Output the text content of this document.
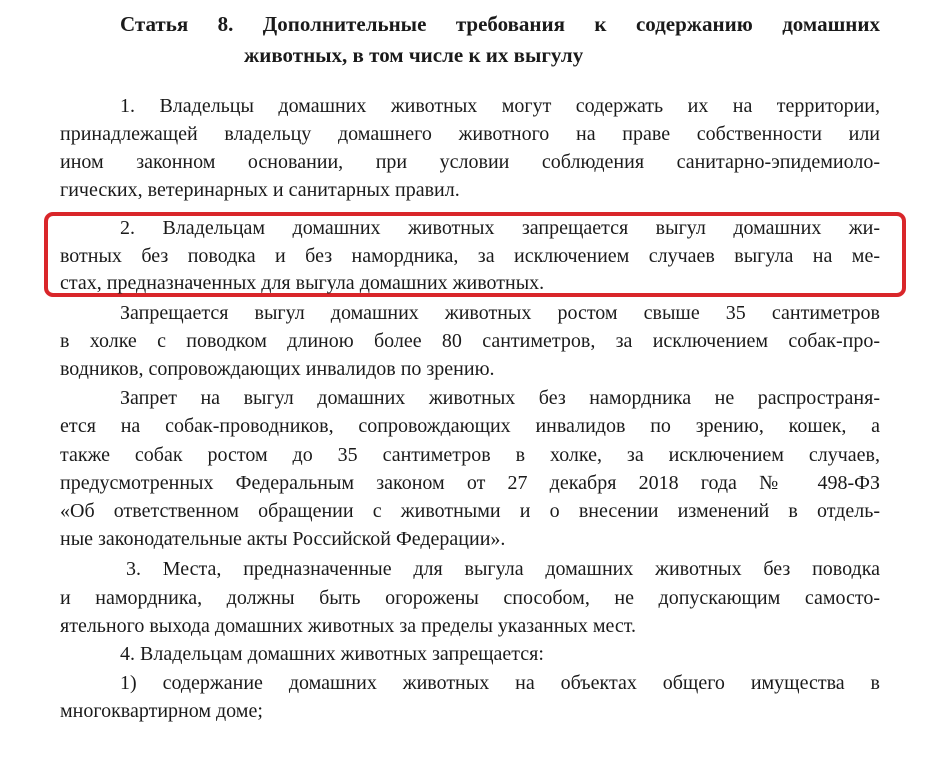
Статья 8. Дополнительные требования к содержанию домашних
животных, в том числе к их выгулу
1. Владельцы домашних животных могут содержать их на территории,
принадлежащей владельцу домашнего животного на праве собственности или
ином законном основании, при условии соблюдения санитарно-эпидемиоло-
гических, ветеринарных и санитарных правил.
2. Владельцам домашних животных запрещается выгул домашних жи-
вотных без поводка и без намордника, за исключением случаев выгула на ме-
стах, предназначенных для выгула домашних животных.
Запрещается выгул домашних животных ростом свыше 35 сантиметров
в холке с поводком длиною более 80 сантиметров, за исключением собак-про-
водников, сопровождающих инвалидов по зрению.
Запрет на выгул домашних животных без намордника не распространя-
ется на собак-проводников, сопровождающих инвалидов по зрению, кошек, а
также собак ростом до 35 сантиметров в холке, за исключением случаев,
предусмотренных Федеральным законом от 27 декабря 2018 года № 498-ФЗ
«Об ответственном обращении с животными и о внесении изменений в отдель-
ные законодательные акты Российской Федерации».
3. Места, предназначенные для выгула домашних животных без поводка
и намордника, должны быть огорожены способом, не допускающим самосто-
ятельного выхода домашних животных за пределы указанных мест.
4. Владельцам домашних животных запрещается:
1) содержание домашних животных на объектах общего имущества в
многоквартирном доме;
